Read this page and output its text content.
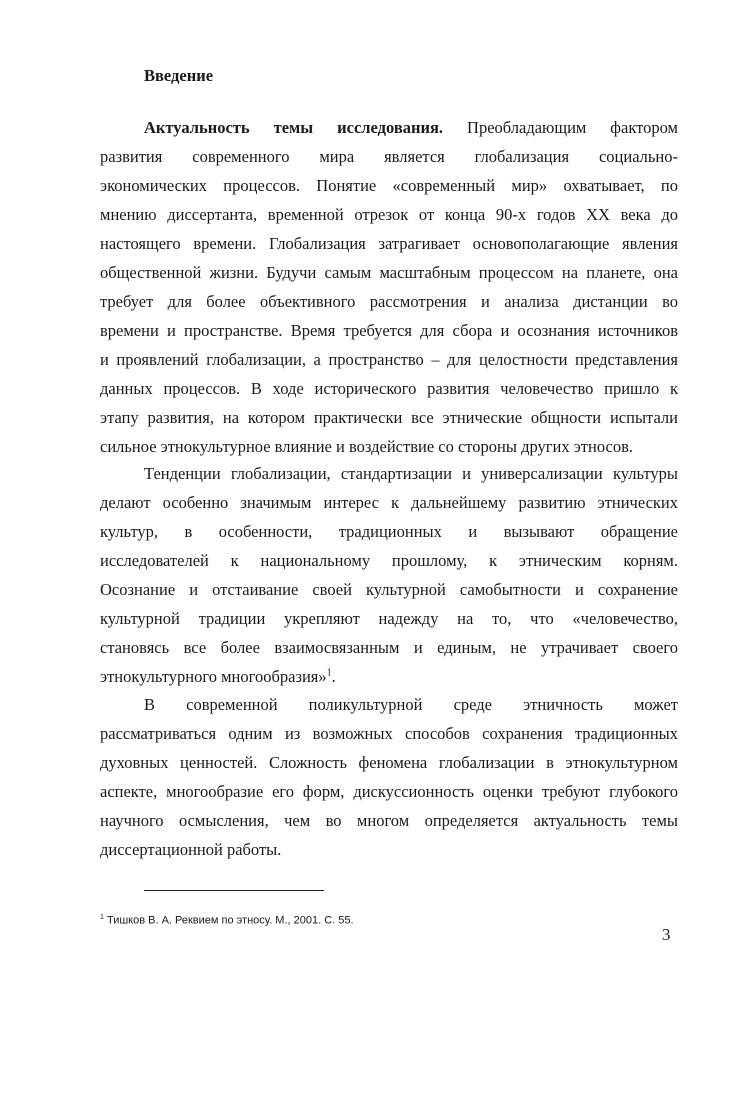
Введение
Актуальность темы исследования. Преобладающим фактором
развития современного мира является глобализация социально-
экономических процессов. Понятие «современный мир» охватывает, по
мнению диссертанта, временной отрезок от конца 90-х годов XX века до
настоящего времени. Глобализация затрагивает основополагающие явления
общественной жизни. Будучи самым масштабным процессом на планете, она
требует для более объективного рассмотрения и анализа дистанции во
времени и пространстве. Время требуется для сбора и осознания источников
и проявлений глобализации, а пространство – для целостности представления
данных процессов. В ходе исторического развития человечество пришло к
этапу развития, на котором практически все этнические общности испытали
сильное этнокультурное влияние и воздействие со стороны других этносов.
Тенденции глобализации, стандартизации и универсализации культуры
делают особенно значимым интерес к дальнейшему развитию этнических
культур, в особенности, традиционных и вызывают обращение
исследователей к национальному прошлому, к этническим корням.
Осознание и отстаивание своей культурной самобытности и сохранение
культурной традиции укрепляют надежду на то, что «человечество,
становясь все более взаимосвязанным и единым, не утрачивает своего
этнокультурного многообразия»$^1$.
В современной поликультурной среде этничность может
рассматриваться одним из возможных способов сохранения традиционных
духовных ценностей. Сложность феномена глобализации в этнокультурном
аспекте, многообразие его форм, дискуссионность оценки требуют глубокого
научного осмысления, чем во многом определяется актуальность темы
диссертационной работы.
$^1$ Тишков В. А. Реквием по этносу. М., 2001. С. 55.
3
